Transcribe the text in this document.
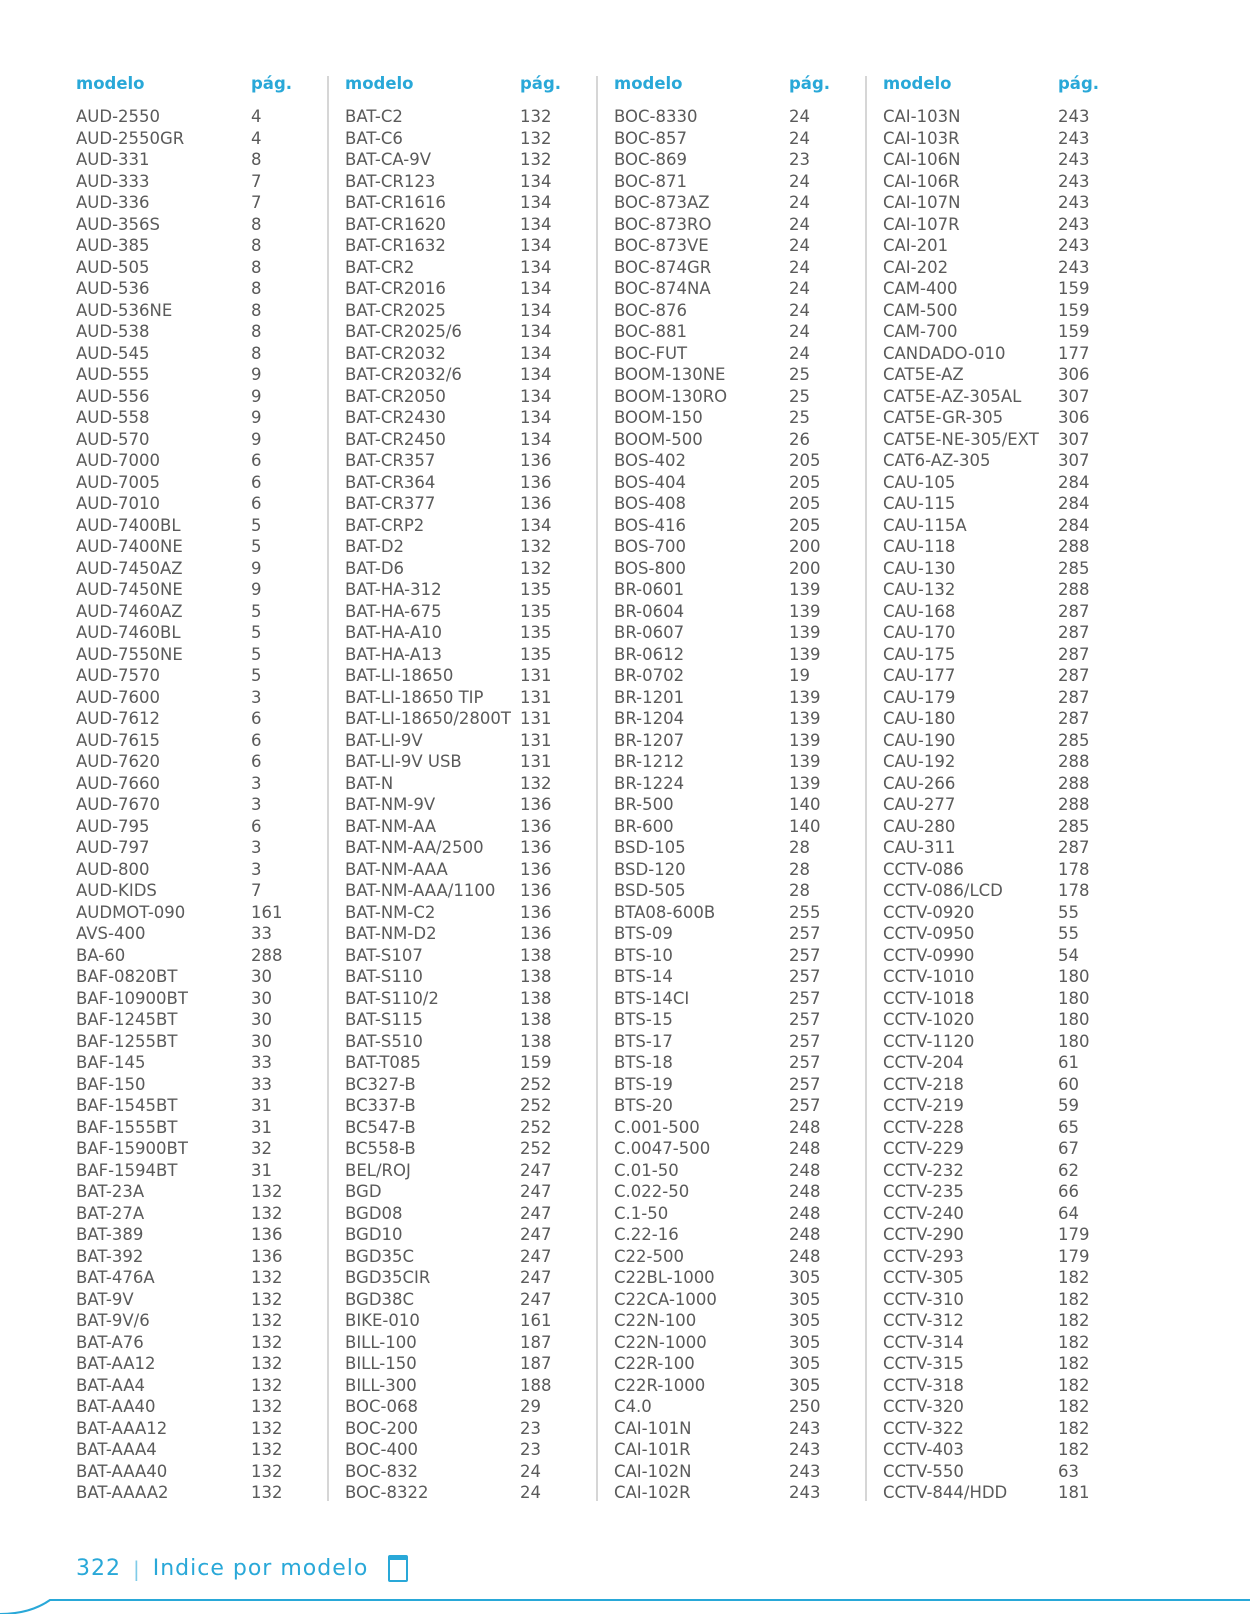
modelo	pág.
AUD-2550	4
AUD-2550GR	4
AUD-331	8
AUD-333	7
AUD-336	7
AUD-356S	8
AUD-385	8
AUD-505	8
AUD-536	8
AUD-536NE	8
AUD-538	8
AUD-545	8
AUD-555	9
AUD-556	9
AUD-558	9
AUD-570	9
AUD-7000	6
AUD-7005	6
AUD-7010	6
AUD-7400BL	5
AUD-7400NE	5
AUD-7450AZ	9
AUD-7450NE	9
AUD-7460AZ	5
AUD-7460BL	5
AUD-7550NE	5
AUD-7570	5
AUD-7600	3
AUD-7612	6
AUD-7615	6
AUD-7620	6
AUD-7660	3
AUD-7670	3
AUD-795	6
AUD-797	3
AUD-800	3
AUD-KIDS	7
AUDMOT-090	161
AVS-400	33
BA-60	288
BAF-0820BT	30
BAF-10900BT	30
BAF-1245BT	30
BAF-1255BT	30
BAF-145	33
BAF-150	33
BAF-1545BT	31
BAF-1555BT	31
BAF-15900BT	32
BAF-1594BT	31
BAT-23A	132
BAT-27A	132
BAT-389	136
BAT-392	136
BAT-476A	132
BAT-9V	132
BAT-9V/6	132
BAT-A76	132
BAT-AA12	132
BAT-AA4	132
BAT-AA40	132
BAT-AAA12	132
BAT-AAA4	132
BAT-AAA40	132
BAT-AAAA2	132
modelo	pág.
BAT-C2	132
BAT-C6	132
BAT-CA-9V	132
BAT-CR123	134
BAT-CR1616	134
BAT-CR1620	134
BAT-CR1632	134
BAT-CR2	134
BAT-CR2016	134
BAT-CR2025	134
BAT-CR2025/6	134
BAT-CR2032	134
BAT-CR2032/6	134
BAT-CR2050	134
BAT-CR2430	134
BAT-CR2450	134
BAT-CR357	136
BAT-CR364	136
BAT-CR377	136
BAT-CRP2	134
BAT-D2	132
BAT-D6	132
BAT-HA-312	135
BAT-HA-675	135
BAT-HA-A10	135
BAT-HA-A13	135
BAT-LI-18650	131
BAT-LI-18650 TIP	131
BAT-LI-18650/2800T 131
BAT-LI-9V	131
BAT-LI-9V USB	131
BAT-N	132
BAT-NM-9V	136
BAT-NM-AA	136
BAT-NM-AA/2500	136
BAT-NM-AAA	136
BAT-NM-AAA/1100	136
BAT-NM-C2	136
BAT-NM-D2	136
BAT-S107	138
BAT-S110	138
BAT-S110/2	138
BAT-S115	138
BAT-S510	138
BAT-T085	159
BC327-B	252
BC337-B	252
BC547-B	252
BC558-B	252
BEL/ROJ	247
BGD	247
BGD08	247
BGD10	247
BGD35C	247
BGD35CIR	247
BGD38C	247
BIKE-010	161
BILL-100	187
BILL-150	187
BILL-300	188
BOC-068	29
BOC-200	23
BOC-400	23
BOC-832	24
BOC-8322	24
modelo	pág.
BOC-8330	24
BOC-857	24
BOC-869	23
BOC-871	24
BOC-873AZ	24
BOC-873RO	24
BOC-873VE	24
BOC-874GR	24
BOC-874NA	24
BOC-876	24
BOC-881	24
BOC-FUT	24
BOOM-130NE	25
BOOM-130RO	25
BOOM-150	25
BOOM-500	26
BOS-402	205
BOS-404	205
BOS-408	205
BOS-416	205
BOS-700	200
BOS-800	200
BR-0601	139
BR-0604	139
BR-0607	139
BR-0612	139
BR-0702	19
BR-1201	139
BR-1204	139
BR-1207	139
BR-1212	139
BR-1224	139
BR-500	140
BR-600	140
BSD-105	28
BSD-120	28
BSD-505	28
BTA08-600B	255
BTS-09	257
BTS-10	257
BTS-14	257
BTS-14CI	257
BTS-15	257
BTS-17	257
BTS-18	257
BTS-19	257
BTS-20	257
C.001-500	248
C.0047-500	248
C.01-50	248
C.022-50	248
C.1-50	248
C.22-16	248
C22-500	248
C22BL-1000	305
C22CA-1000	305
C22N-100	305
C22N-1000	305
C22R-100	305
C22R-1000	305
C4.0	250
CAI-101N	243
CAI-101R	243
CAI-102N	243
CAI-102R	243
modelo	pág.
CAI-103N	243
CAI-103R	243
CAI-106N	243
CAI-106R	243
CAI-107N	243
CAI-107R	243
CAI-201	243
CAI-202	243
CAM-400	159
CAM-500	159
CAM-700	159
CANDADO-010	177
CAT5E-AZ	306
CAT5E-AZ-305AL	307
CAT5E-GR-305	306
CAT5E-NE-305/EXT	307
CAT6-AZ-305	307
CAU-105	284
CAU-115	284
CAU-115A	284
CAU-118	288
CAU-130	285
CAU-132	288
CAU-168	287
CAU-170	287
CAU-175	287
CAU-177	287
CAU-179	287
CAU-180	287
CAU-190	285
CAU-192	288
CAU-266	288
CAU-277	288
CAU-280	285
CAU-311	287
CCTV-086	178
CCTV-086/LCD	178
CCTV-0920	55
CCTV-0950	55
CCTV-0990	54
CCTV-1010	180
CCTV-1018	180
CCTV-1020	180
CCTV-1120	180
CCTV-204	61
CCTV-218	60
CCTV-219	59
CCTV-228	65
CCTV-229	67
CCTV-232	62
CCTV-235	66
CCTV-240	64
CCTV-290	179
CCTV-293	179
CCTV-305	182
CCTV-310	182
CCTV-312	182
CCTV-314	182
CCTV-315	182
CCTV-318	182
CCTV-320	182
CCTV-322	182
CCTV-403	182
CCTV-550	63
CCTV-844/HDD	181
322 | Indice por modelo
